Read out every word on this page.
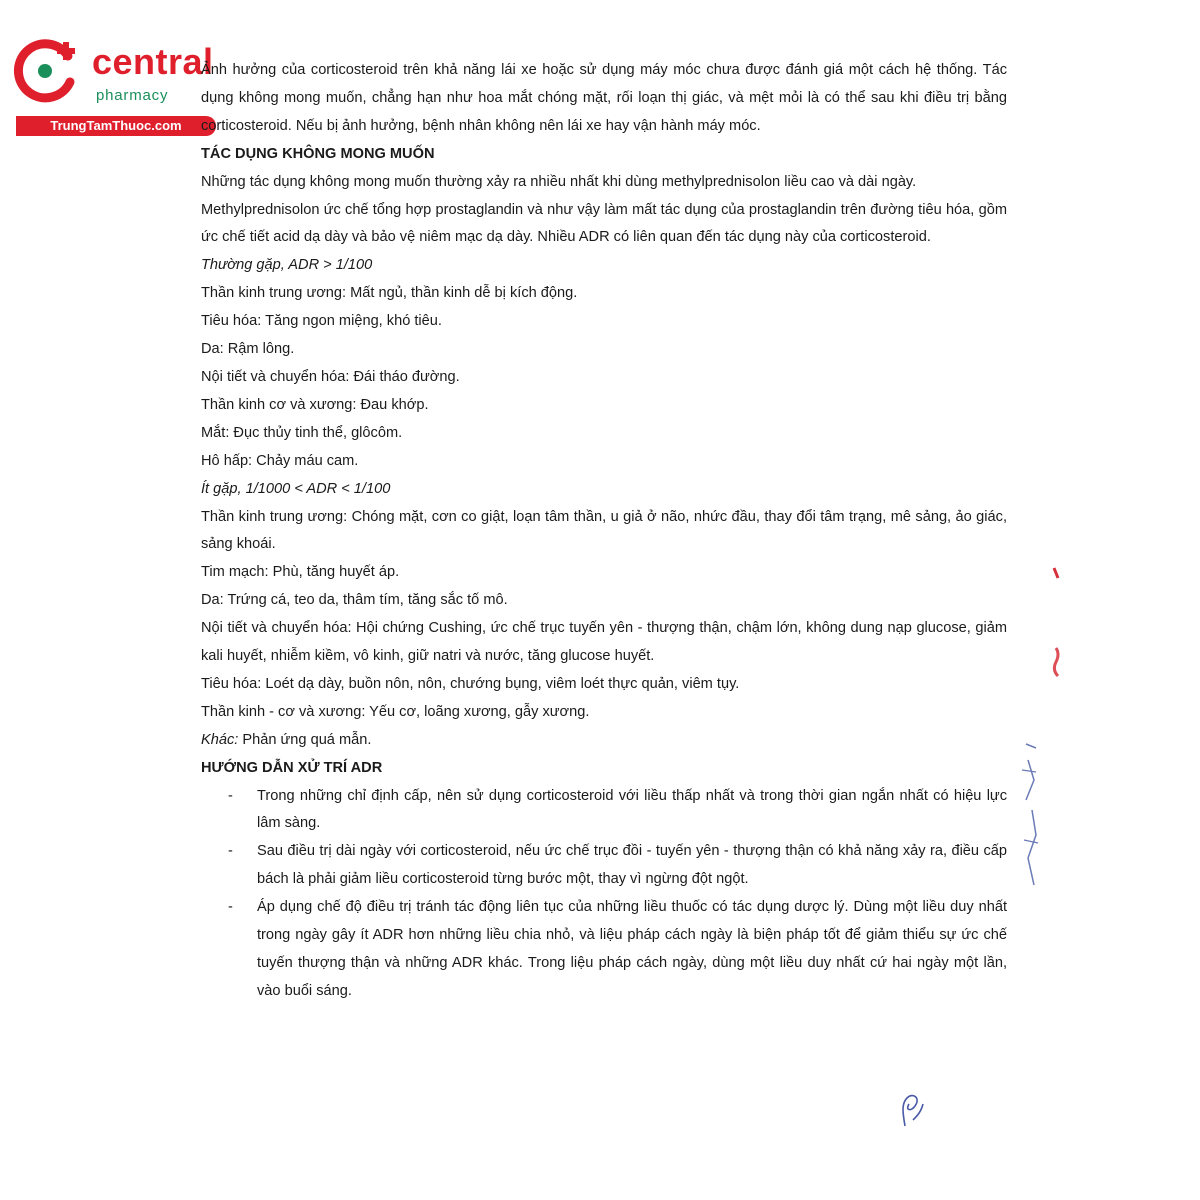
central
pharmacy
TrungTamThuoc.com

Ảnh hưởng của corticosteroid trên khả năng lái xe hoặc sử dụng máy móc chưa được đánh giá một cách hệ thống. Tác dụng không mong muốn, chẳng hạn như hoa mắt chóng mặt, rối loạn thị giác, và mệt mỏi là có thể sau khi điều trị bằng corticosteroid. Nếu bị ảnh hưởng, bệnh nhân không nên lái xe hay vận hành máy móc.

TÁC DỤNG KHÔNG MONG MUỐN

Những tác dụng không mong muốn thường xảy ra nhiều nhất khi dùng methylprednisolon liều cao và dài ngày.

Methylprednisolon ức chế tổng hợp prostaglandin và như vậy làm mất tác dụng của prostaglandin trên đường tiêu hóa, gồm ức chế tiết acid dạ dày và bảo vệ niêm mạc dạ dày. Nhiều ADR có liên quan đến tác dụng này của corticosteroid.

Thường gặp, ADR > 1/100

Thần kinh trung ương: Mất ngủ, thần kinh dễ bị kích động.

Tiêu hóa: Tăng ngon miệng, khó tiêu.

Da: Rậm lông.

Nội tiết và chuyển hóa: Đái tháo đường.

Thần kinh cơ và xương: Đau khớp.

Mắt: Đục thủy tinh thể, glôcôm.

Hô hấp: Chảy máu cam.

Ít gặp, 1/1000 < ADR < 1/100

Thần kinh trung ương: Chóng mặt, cơn co giật, loạn tâm thần, u giả ở não, nhức đầu, thay đổi tâm trạng, mê sảng, ảo giác, sảng khoái.

Tim mạch: Phù, tăng huyết áp.

Da: Trứng cá, teo da, thâm tím, tăng sắc tố mô.

Nội tiết và chuyển hóa: Hội chứng Cushing, ức chế trục tuyến yên - thượng thận, chậm lớn, không dung nạp glucose, giảm kali huyết, nhiễm kiềm, vô kinh, giữ natri và nước, tăng glucose huyết.

Tiêu hóa: Loét dạ dày, buồn nôn, nôn, chướng bụng, viêm loét thực quản, viêm tụy.

Thần kinh - cơ và xương: Yếu cơ, loãng xương, gẫy xương.

Khác: Phản ứng quá mẫn.

HƯỚNG DẪN XỬ TRÍ ADR

- Trong những chỉ định cấp, nên sử dụng corticosteroid với liều thấp nhất và trong thời gian ngắn nhất có hiệu lực lâm sàng.

- Sau điều trị dài ngày với corticosteroid, nếu ức chế trục đồi - tuyến yên - thượng thận có khả năng xảy ra, điều cấp bách là phải giảm liều corticosteroid từng bước một, thay vì ngừng đột ngột.

- Áp dụng chế độ điều trị tránh tác động liên tục của những liều thuốc có tác dụng dược lý. Dùng một liều duy nhất trong ngày gây ít ADR hơn những liều chia nhỏ, và liệu pháp cách ngày là biện pháp tốt để giảm thiểu sự ức chế tuyến thượng thận và những ADR khác. Trong liệu pháp cách ngày, dùng một liều duy nhất cứ hai ngày một lần, vào buổi sáng.
